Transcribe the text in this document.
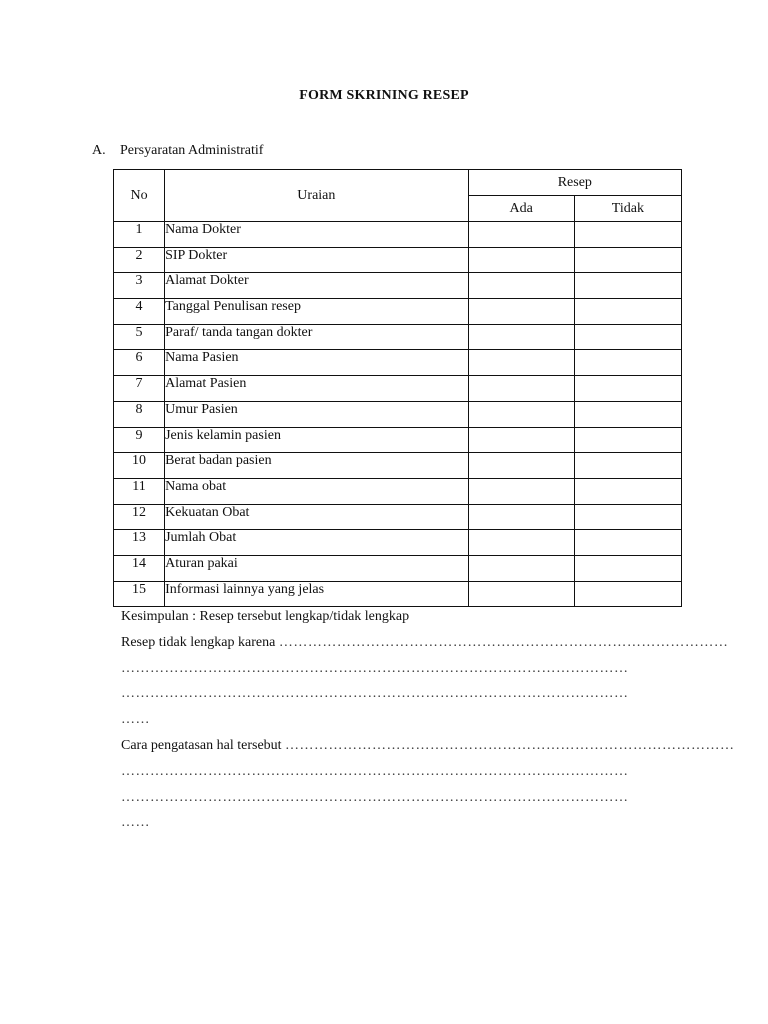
FORM SKRINING RESEP
A. Persyaratan Administratif
No	Uraian	Resep	
		Ada	Tidak
1	Nama Dokter		
2	SIP Dokter		
3	Alamat Dokter		
4	Tanggal Penulisan resep		
5	Paraf/ tanda tangan dokter		
6	Nama Pasien		
7	Alamat Pasien		
8	Umur Pasien		
9	Jenis kelamin pasien		
10	Berat badan pasien		
11	Nama obat		
12	Kekuatan Obat		
13	Jumlah Obat		
14	Aturan pakai		
15	Informasi lainnya yang jelas		
Kesimpulan : Resep tersebut lengkap/tidak lengkap
Resep tidak lengkap karena …………………………………………………………………………………
……………………………………………………………………………………………
……………………………………………………………………………………………
……
Cara pengatasan hal tersebut …………………………………………………………………………………
……………………………………………………………………………………………
……………………………………………………………………………………………
……
